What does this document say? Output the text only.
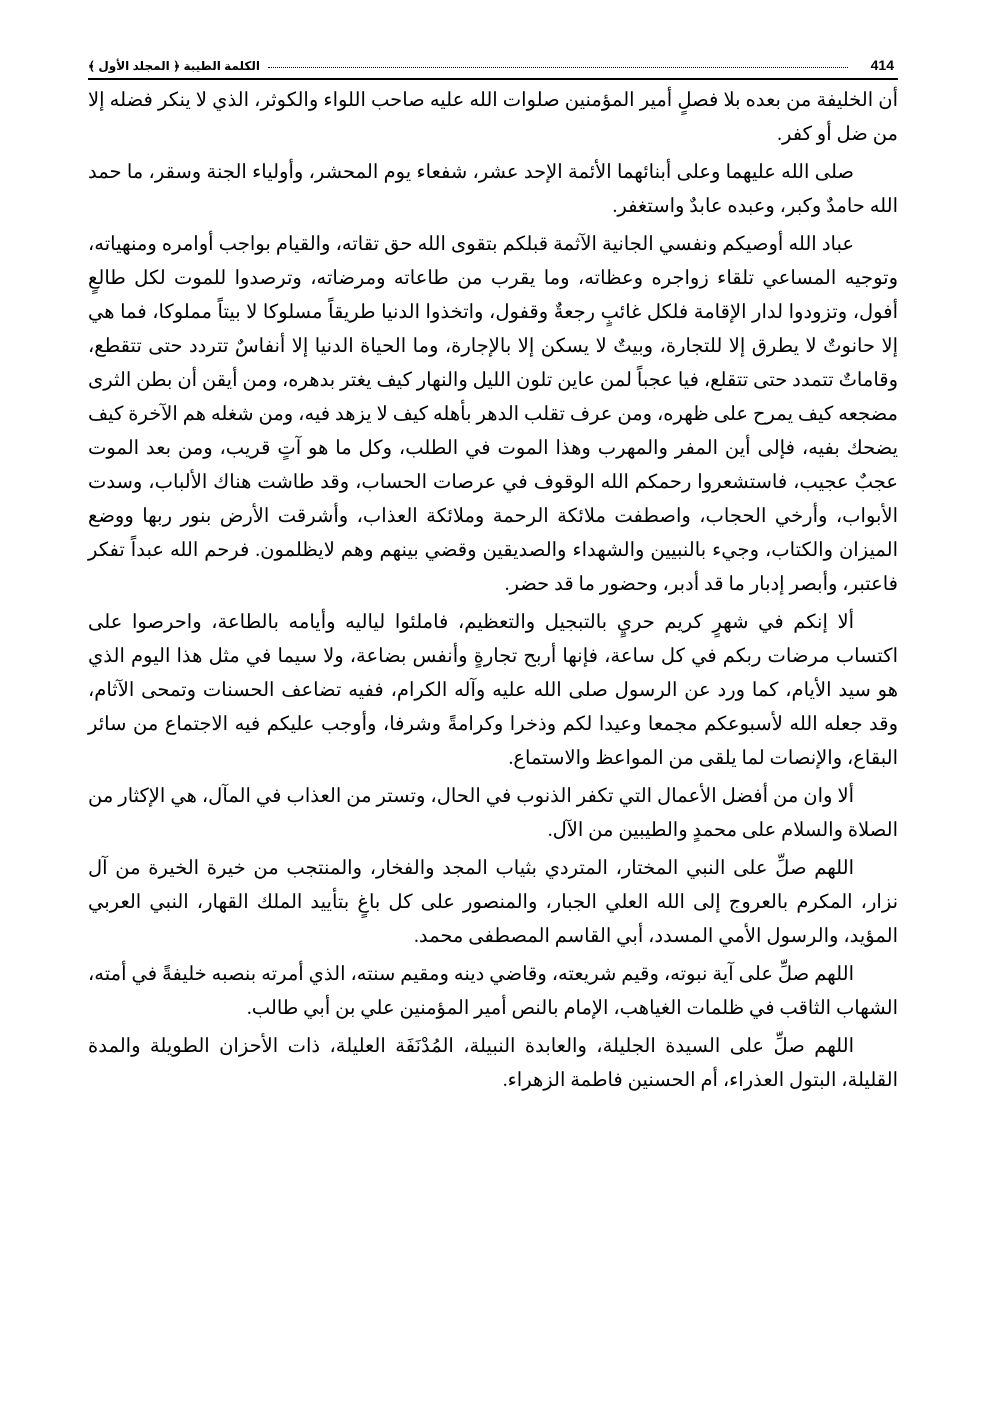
414
الكلمة الطيبة ﴿ المجلد الأول ﴾

أن الخليفة من بعده بلا فصلٍ أمير المؤمنين صلوات الله عليه صاحب اللواء والكوثر، الذي لا ينكر فضله إلا من ضل أو كفر.

صلى الله عليهما وعلى أبنائهما الأئمة الإحد عشر، شفعاء يوم المحشر، وأولياء الجنة وسقر، ما حمد الله حامدٌ وكبر، وعبده عابدٌ واستغفر.

عباد الله أوصيكم ونفسي الجانية الآثمة قبلكم بتقوى الله حق تقاته، والقيام بواجب أوامره ومنهياته، وتوجيه المساعي تلقاء زواجره وعظاته، وما يقرب من طاعاته ومرضاته، وترصدوا للموت لكل طالعٍ أفول، وتزودوا لدار الإقامة فلكل غائبٍ رجعةٌ وقفول، واتخذوا الدنيا طريقاً مسلوكا لا بيتاً مملوكا، فما هي إلا حانوتٌ لا يطرق إلا للتجارة، وبيتٌ لا يسكن إلا بالإجارة، وما الحياة الدنيا إلا أنفاسٌ تتردد حتى تتقطع، وقاماتٌ تتمدد حتى تتقلع، فيا عجباً لمن عاين تلون الليل والنهار كيف يغتر بدهره، ومن أيقن أن بطن الثرى مضجعه كيف يمرح على ظهره، ومن عرف تقلب الدهر بأهله كيف لا يزهد فيه، ومن شغله هم الآخرة كيف يضحك بفيه، فإلى أين المفر والمهرب وهذا الموت في الطلب، وكل ما هو آتٍ قريب، ومن بعد الموت عجبٌ عجيب، فاستشعروا رحمكم الله الوقوف في عرصات الحساب، وقد طاشت هناك الألباب، وسدت الأبواب، وأرخي الحجاب، واصطفت ملائكة الرحمة وملائكة العذاب، وأشرقت الأرض بنور ربها ووضع الميزان والكتاب، وجيء بالنبيين والشهداء والصديقين وقضي بينهم وهم لايظلمون. فرحم الله عبداً تفكر فاعتبر، وأبصر إدبار ما قد أدبر، وحضور ما قد حضر.

ألا إنكم في شهرٍ كريم حريٍ بالتبجيل والتعظيم، فاملئوا لياليه وأيامه بالطاعة، واحرصوا على اكتساب مرضات ربكم في كل ساعة، فإنها أربح تجارةٍ وأنفس بضاعة، ولا سيما في مثل هذا اليوم الذي هو سيد الأيام، كما ورد عن الرسول صلى الله عليه وآله الكرام، ففيه تضاعف الحسنات وتمحى الآثام، وقد جعله الله لأسبوعكم مجمعا وعيدا لكم وذخرا وكرامةً وشرفا، وأوجب عليكم فيه الاجتماع من سائر البقاع، والإنصات لما يلقى من المواعظ والاستماع.

ألا وان من أفضل الأعمال التي تكفر الذنوب في الحال، وتستر من العذاب في المآل، هي الإكثار من الصلاة والسلام على محمدٍ والطيبين من الآل.

اللهم صلِّ على النبي المختار، المتردي بثياب المجد والفخار، والمنتجب من خيرة الخيرة من آل نزار، المكرم بالعروج إلى الله العلي الجبار، والمنصور على كل باغٍ بتأييد الملك القهار، النبي العربي المؤيد، والرسول الأمي المسدد، أبي القاسم المصطفى محمد.

اللهم صلِّ على آية نبوته، وقيم شريعته، وقاضي دينه ومقيم سنته، الذي أمرته بنصبه خليفةً في أمته، الشهاب الثاقب في ظلمات الغياهب، الإمام بالنص أمير المؤمنين علي بن أبي طالب.

اللهم صلِّ على السيدة الجليلة، والعابدة النبيلة، المُدْنَفَة العليلة، ذات الأحزان الطويلة والمدة القليلة، البتول العذراء، أم الحسنين فاطمة الزهراء.
